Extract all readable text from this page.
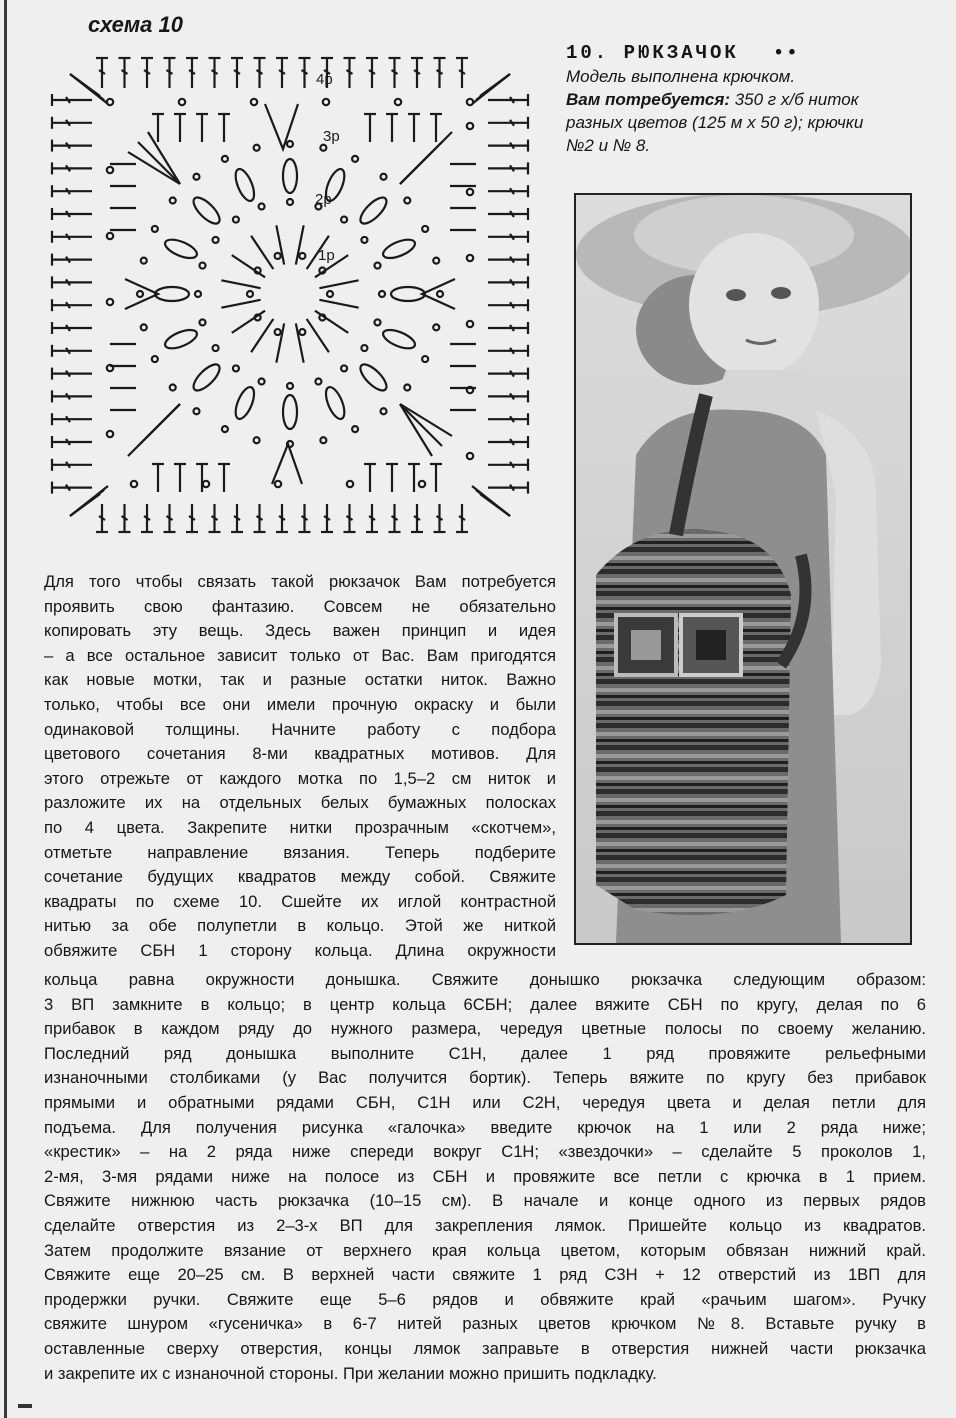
схема 10
4р
3р
2р
1р
10. РЮКЗАЧОК ••
Модель выполнена крючком.
Вам потребуется: 350 г х/б ниток
разных цветов (125 м х 50 г); крючки
№2 и № 8.
Для того чтобы связать такой рюкзачок Вам потребуется
проявить свою фантазию. Совсем не обязательно
копировать эту вещь. Здесь важен принцип и идея
– а все остальное зависит только от Вас. Вам пригодятся
как новые мотки, так и разные остатки ниток. Важно
только, чтобы все они имели прочную окраску и были
одинаковой толщины. Начните работу с подбора
цветового сочетания 8-ми квадратных мотивов. Для
этого отрежьте от каждого мотка по 1,5–2 см ниток и
разложите их на отдельных белых бумажных полосках
по 4 цвета. Закрепите нитки прозрачным «скотчем»,
отметьте направление вязания. Теперь подберите
сочетание будущих квадратов между собой. Свяжите
квадраты по схеме 10. Сшейте их иглой контрастной
нитью за обе полупетли в кольцо. Этой же ниткой
обвяжите СБН 1 сторону кольца. Длина окружности
кольца равна окружности донышка. Свяжите донышко рюкзачка следующим образом:
3 ВП замкните в кольцо; в центр кольца 6СБН; далее вяжите СБН по кругу, делая по 6
прибавок в каждом ряду до нужного размера, чередуя цветные полосы по своему желанию.
Последний ряд донышка выполните С1Н, далее 1 ряд провяжите рельефными
изнаночными столбиками (у Вас получится бортик). Теперь вяжите по кругу без прибавок
прямыми и обратными рядами СБН, С1Н или С2Н, чередуя цвета и делая петли для
подъема. Для получения рисунка «галочка» введите крючок на 1 или 2 ряда ниже;
«крестик» – на 2 ряда ниже спереди вокруг С1Н; «звездочки» – сделайте 5 проколов 1,
2-мя, 3-мя рядами ниже на полосе из СБН и провяжите все петли с крючка в 1 прием.
Свяжите нижнюю часть рюкзачка (10–15 см). В начале и конце одного из первых рядов
сделайте отверстия из 2–3-х ВП для закрепления лямок. Пришейте кольцо из квадратов.
Затем продолжите вязание от верхнего края кольца цветом, которым обвязан нижний край.
Свяжите еще 20–25 см. В верхней части свяжите 1 ряд С3Н + 12 отверстий из 1ВП для
продержки ручки. Свяжите еще 5–6 рядов и обвяжите край «рачьим шагом». Ручку
свяжите шнуром «гусеничка» в 6-7 нитей разных цветов крючком №8. Вставьте ручку в
оставленные сверху отверстия, концы лямок заправьте в отверстия нижней части рюкзачка
и закрепите их с изнаночной стороны. При желании можно пришить подкладку.
